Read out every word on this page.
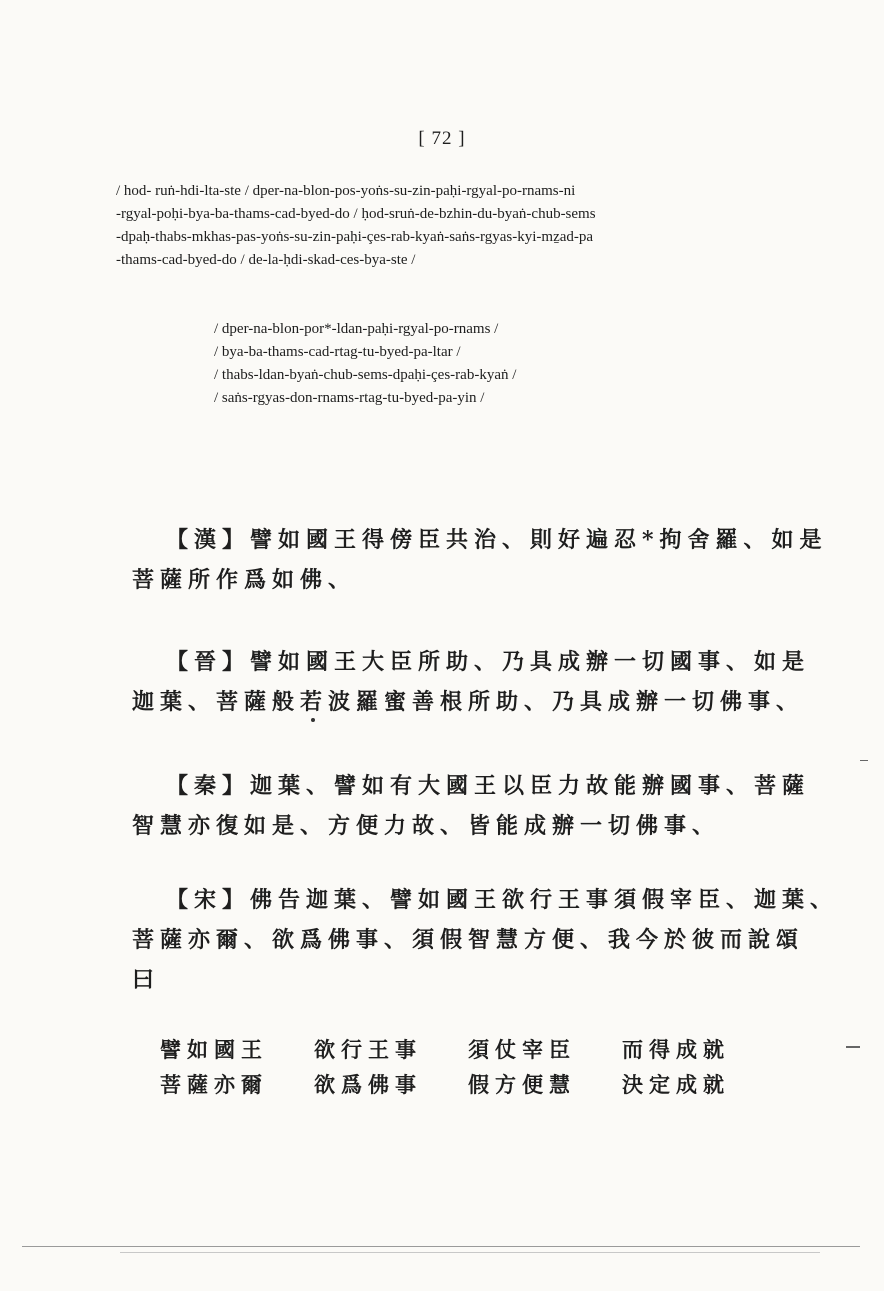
[ 72 ]
/ hod- ruṅ-hdi-lta-ste / dper-na-blon-pos-yoṅs-su-zin-paḥi-rgyal-po-rnams-ni
-rgyal-poḥi-bya-ba-thams-cad-byed-do / ḥod-sruṅ-de-bzhin-du-byaṅ-chub-sems
-dpaḥ-thabs-mkhas-pas-yoṅs-su-zin-paḥi-çes-rab-kyaṅ-saṅs-rgyas-kyi-mẕad-pa
-thams-cad-byed-do / de-la-ḥdi-skad-ces-bya-ste /
/ dper-na-blon-por*-ldan-paḥi-rgyal-po-rnams /
/ bya-ba-thams-cad-rtag-tu-byed-pa-ltar /
/ thabs-ldan-byaṅ-chub-sems-dpaḥi-çes-rab-kyaṅ /
/ saṅs-rgyas-don-rnams-rtag-tu-byed-pa-yin /
【漢】譬如國王得傍臣共治、則好遍忍*拘舍羅、如是
菩薩所作爲如佛、
【晉】譬如國王大臣所助、乃具成辦一切國事、如是
迦葉、菩薩般若波羅蜜善根所助、乃具成辦一切佛事、
【秦】迦葉、譬如有大國王以臣力故能辦國事、菩薩
智慧亦復如是、方便力故、皆能成辦一切佛事、
【宋】佛告迦葉、譬如國王欲行王事須假宰臣、迦葉、
菩薩亦爾、欲爲佛事、須假智慧方便、我今於彼而說頌
曰
譬如國王	欲行王事	須仗宰臣	而得成就
菩薩亦爾	欲爲佛事	假方便慧	決定成就
